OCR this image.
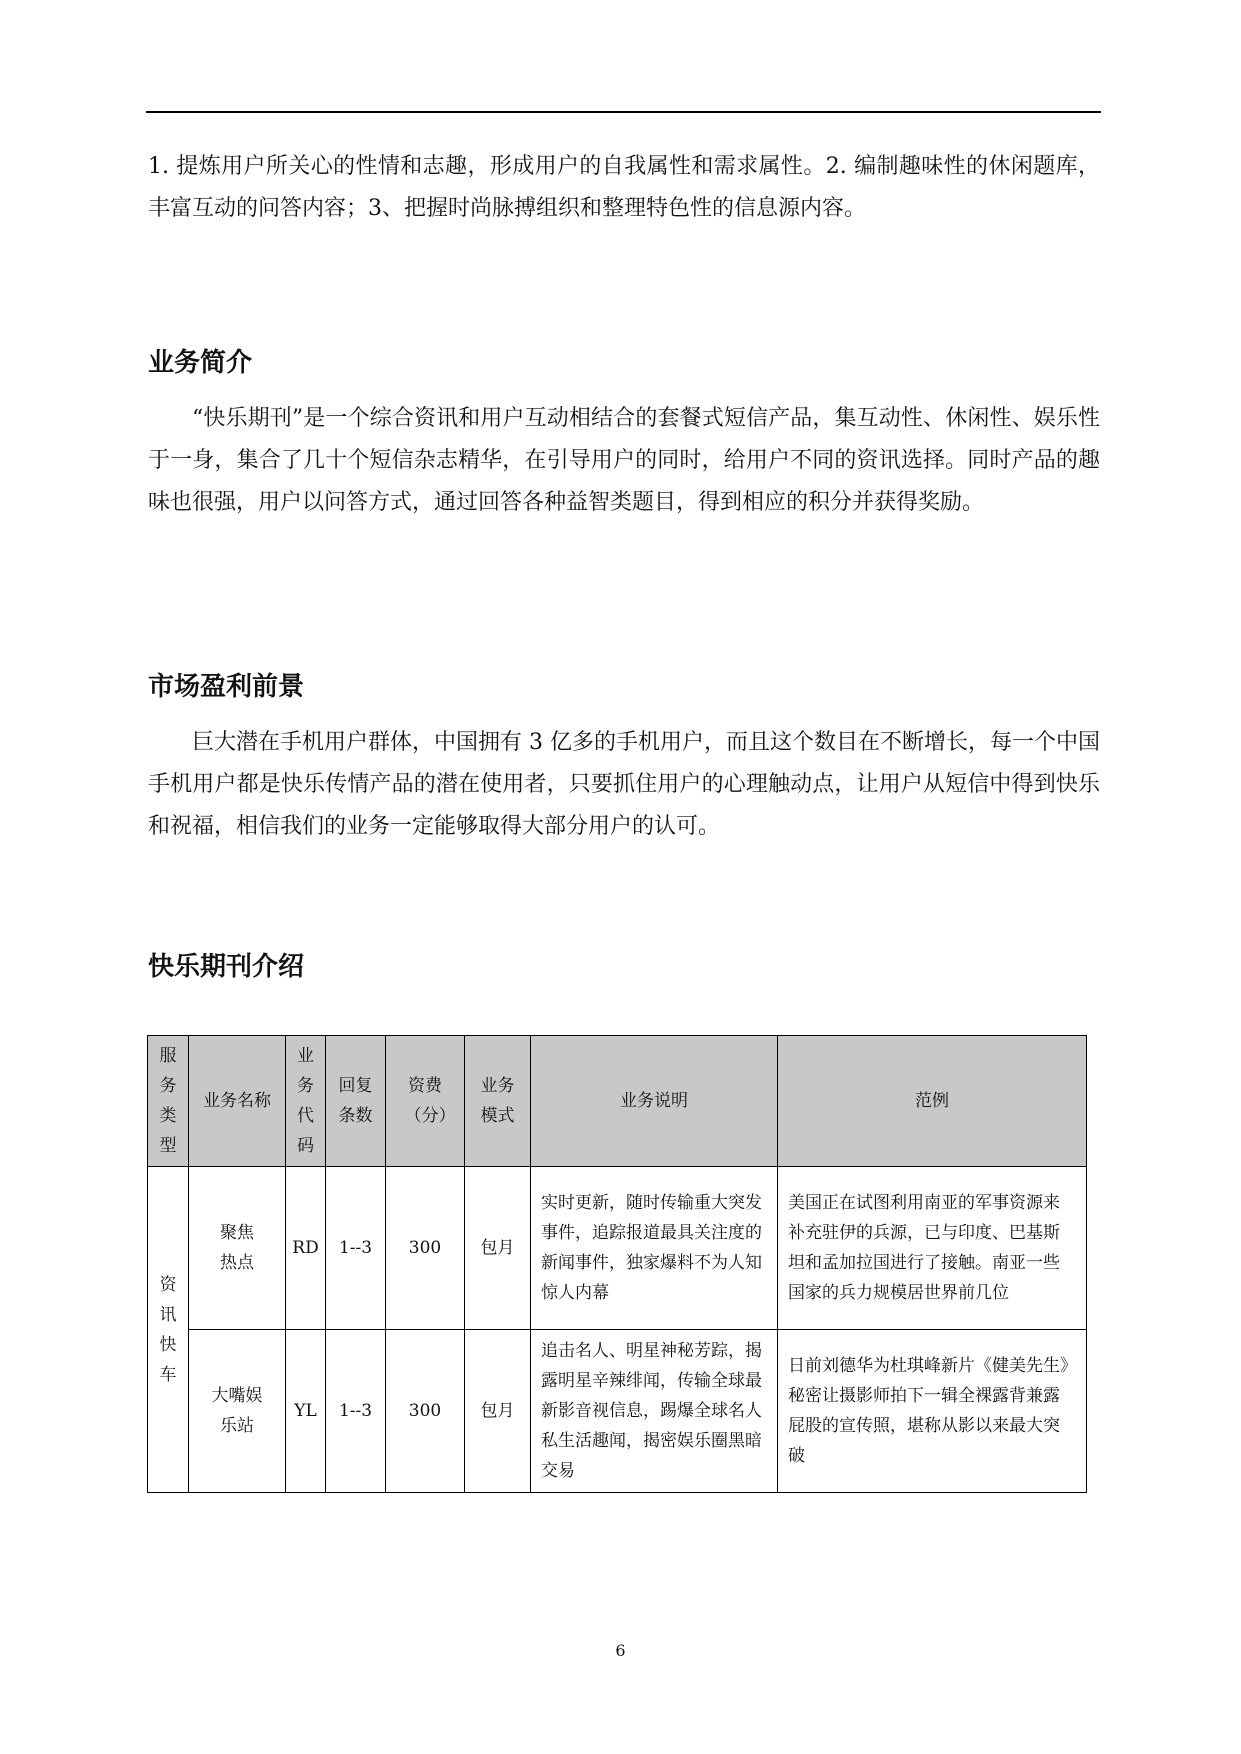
1. 提炼用户所关心的性情和志趣，形成用户的自我属性和需求属性。2. 编制趣味性的休闲题库，丰富互动的问答内容；3、把握时尚脉搏组织和整理特色性的信息源内容。

业务简介

“快乐期刊”是一个综合资讯和用户互动相结合的套餐式短信产品，集互动性、休闲性、娱乐性于一身，集合了几十个短信杂志精华，在引导用户的同时，给用户不同的资讯选择。同时产品的趣味也很强，用户以问答方式，通过回答各种益智类题目，得到相应的积分并获得奖励。

市场盈利前景

巨大潜在手机用户群体，中国拥有 3 亿多的手机用户，而且这个数目在不断增长，每一个中国手机用户都是快乐传情产品的潜在使用者，只要抓住用户的心理触动点，让用户从短信中得到快乐和祝福，相信我们的业务一定能够取得大部分用户的认可。

快乐期刊介绍
服务类型	业务名称	业务代码	回复条数	资费（分）	业务模式	业务说明	范例

资讯快车	聚焦热点	RD	1--3	300	包月	实时更新，随时传输重大突发事件，追踪报道最具关注度的新闻事件，独家爆料不为人知惊人内幕	美国正在试图利用南亚的军事资源来补充驻伊的兵源，已与印度、巴基斯坦和孟加拉国进行了接触。南亚一些国家的兵力规模居世界前几位

	大嘴娱乐站	YL	1--3	300	包月	追击名人、明星神秘芳踪，揭露明星辛辣绯闻，传输全球最新影音视信息，踢爆全球名人私生活趣闻，揭密娱乐圈黑暗交易	日前刘德华为杜琪峰新片《健美先生》秘密让摄影师拍下一辑全裸露背兼露屁股的宣传照，堪称从影以来最大突破
6
